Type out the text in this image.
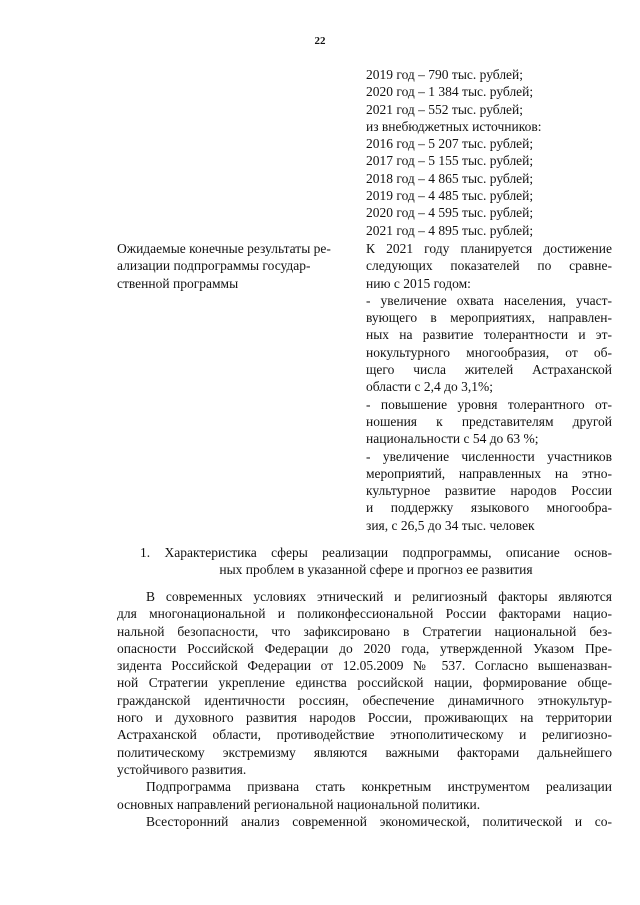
22
2019 год – 790 тыс. рублей;
2020 год – 1 384 тыс. рублей;
2021 год – 552 тыс. рублей;
из внебюджетных источников:
2016 год – 5 207 тыс. рублей;
2017 год – 5 155 тыс. рублей;
2018 год – 4 865 тыс. рублей;
2019 год – 4 485 тыс. рублей;
2020 год – 4 595 тыс. рублей;
2021 год – 4 895 тыс. рублей;
Ожидаемые конечные результаты ре-
ализации подпрограммы государ-
ственной программы
К 2021 году планируется достижение
следующих показателей по сравне-
нию с 2015 годом:
- увеличение охвата населения, участ-
вующего в мероприятиях, направлен-
ных на развитие толерантности и эт-
нокультурного многообразия, от об-
щего числа жителей Астраханской
области с 2,4 до 3,1%;
- повышение уровня толерантного от-
ношения к представителям другой
национальности с 54 до 63 %;
- увеличение численности участников
мероприятий, направленных на этно-
культурное развитие народов России
и поддержку языкового многообра-
зия, с 26,5 до 34 тыс. человек
1. Характеристика сферы реализации подпрограммы, описание основ-
ных проблем в указанной сфере и прогноз ее развития
В современных условиях этнический и религиозный факторы являются
для многонациональной и поликонфессиональной России факторами нацио-
нальной безопасности, что зафиксировано в Стратегии национальной без-
опасности Российской Федерации до 2020 года, утвержденной Указом Пре-
зидента Российской Федерации от 12.05.2009 № 537. Согласно вышеназван-
ной Стратегии укрепление единства российской нации, формирование обще-
гражданской идентичности россиян, обеспечение динамичного этнокультур-
ного и духовного развития народов России, проживающих на территории
Астраханской области, противодействие этнополитическому и религиозно-
политическому экстремизму являются важными факторами дальнейшего
устойчивого развития.
Подпрограмма призвана стать конкретным инструментом реализации
основных направлений региональной национальной политики.
Всесторонний анализ современной экономической, политической и со-
